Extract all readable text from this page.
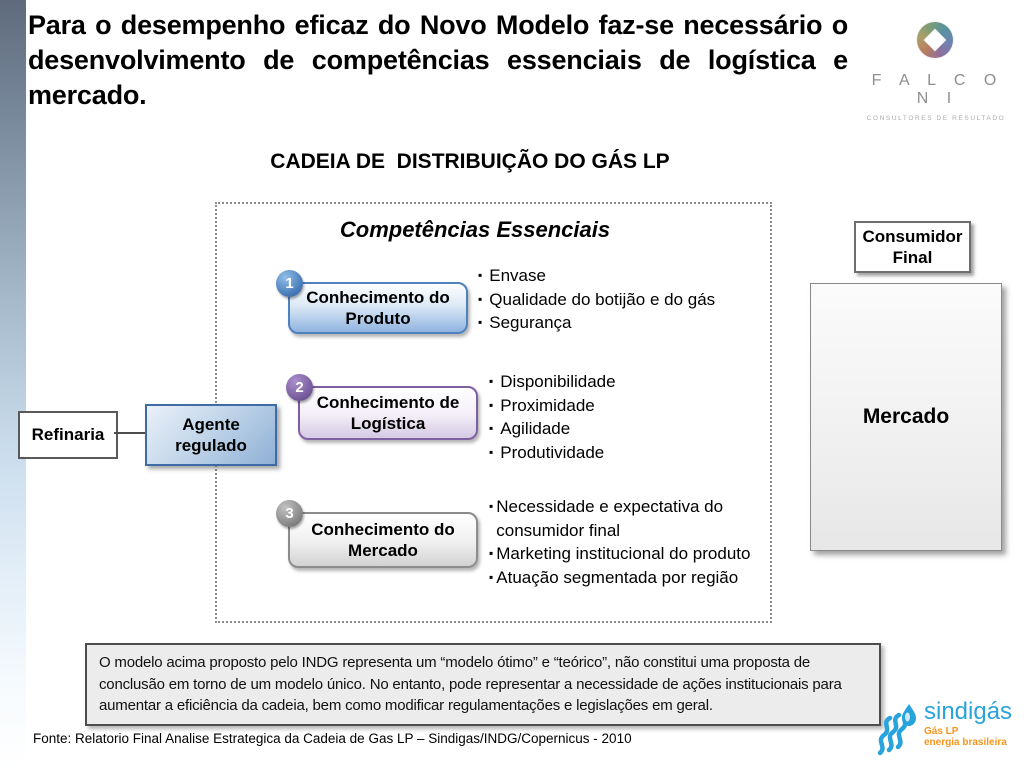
Para o desempenho eficaz do Novo Modelo faz-se necessário o
desenvolvimento de competências essenciais de logística e
mercado.	F A L C O N I
CONSULTORES DE RESULTADO
CADEIA DE  DISTRIBUIÇÃO DO GÁS LP
Competências Essenciais
1
Conhecimento do Produto
▪ Envase
▪ Qualidade do botijão e do gás
▪ Segurança
2
Conhecimento de Logística
▪ Disponibilidade
▪ Proximidade
▪ Agilidade
▪ Produtividade
3
Conhecimento do Mercado
▪ Necessidade e expectativa do consumidor final
▪ Marketing institucional do produto
▪ Atuação segmentada por região
Refinaria
Agente regulado
Consumidor Final
Mercado
O modelo acima proposto pelo INDG representa um “modelo ótimo” e “teórico”, não constitui uma proposta de conclusão em torno de um modelo único. No entanto, pode representar a necessidade de ações institucionais para aumentar a eficiência da cadeia, bem como modificar regulamentações e legislações em geral.
Fonte: Relatorio Final Analise Estrategica da Cadeia de Gas LP – Sindigas/INDG/Copernicus - 2010
sindigás
Gás LP
energia brasileira
